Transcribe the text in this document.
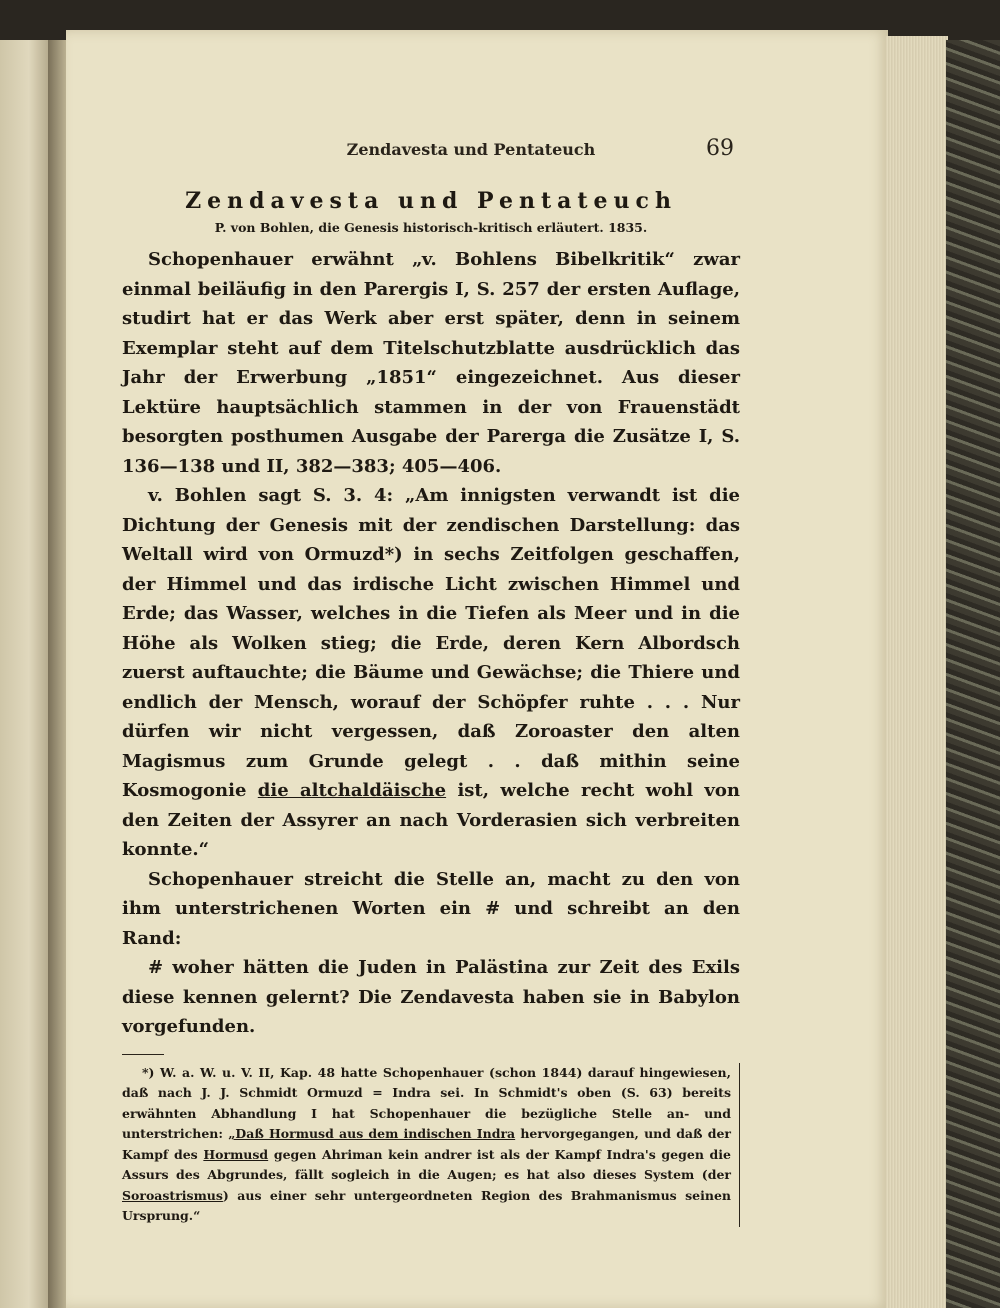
Zendavesta und Pentateuch	69
Zendavesta und Pentateuch
P. von Bohlen, die Genesis historisch-kritisch erläutert. 1835.

Schopenhauer erwähnt „v. Bohlens Bibelkritik“ zwar einmal beiläufig in den Parergis I, S. 257 der ersten Auflage, studirt hat er das Werk aber erst später, denn in seinem Exemplar steht auf dem Titelschutzblatte ausdrücklich das Jahr der Erwerbung „1851“ eingezeichnet. Aus dieser Lektüre hauptsächlich stammen in der von Frauenstädt besorgten posthumen Ausgabe der Parerga die Zusätze I, S. 136—138 und II, 382—383; 405—406.

v. Bohlen sagt S. 3. 4: „Am innigsten verwandt ist die Dichtung der Genesis mit der zendischen Darstellung: das Weltall wird von Ormuzd*) in sechs Zeitfolgen geschaffen, der Himmel und das irdische Licht zwischen Himmel und Erde; das Wasser, welches in die Tiefen als Meer und in die Höhe als Wolken stieg; die Erde, deren Kern Albordsch zuerst auftauchte; die Bäume und Gewächse; die Thiere und endlich der Mensch, worauf der Schöpfer ruhte . . . Nur dürfen wir nicht vergessen, daß Zoroaster den alten Magismus zum Grunde gelegt . . daß mithin seine Kosmogonie die altchaldäische ist, welche recht wohl von den Zeiten der Assyrer an nach Vorderasien sich verbreiten konnte.“

Schopenhauer streicht die Stelle an, macht zu den von ihm unterstrichenen Worten ein # und schreibt an den Rand:

# woher hätten die Juden in Palästina zur Zeit des Exils diese kennen gelernt? Die Zendavesta haben sie in Babylon vorgefunden.

*) W. a. W. u. V. II, Kap. 48 hatte Schopenhauer (schon 1844) darauf hingewiesen, daß nach J. J. Schmidt Ormuzd = Indra sei. In Schmidt's oben (S. 63) bereits erwähnten Abhandlung I hat Schopenhauer die bezügliche Stelle an- und unterstrichen: „Daß Hormusd aus dem indischen Indra hervorgegangen, und daß der Kampf des Hormusd gegen Ahriman kein andrer ist als der Kampf Indra's gegen die Assurs des Abgrundes, fällt sogleich in die Augen; es hat also dieses System (der Soroastrismus) aus einer sehr untergeordneten Region des Brahmanismus seinen Ursprung.“
